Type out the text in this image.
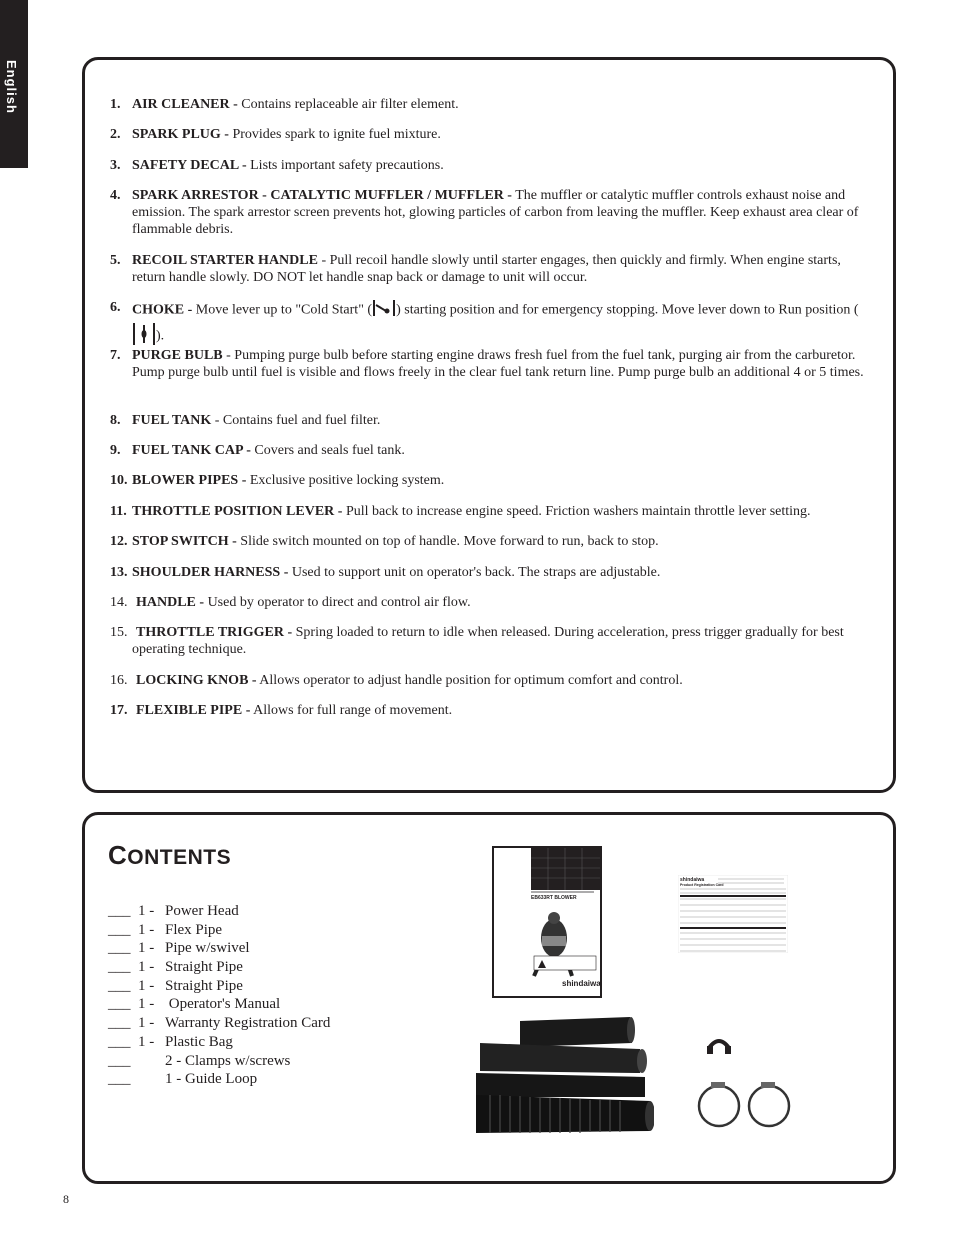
English	1. AIR CLEANER - Contains replaceable air filter element.
2. SPARK PLUG - Provides spark to ignite fuel mixture.
3. SAFETY DECAL - Lists important safety precautions.
4. SPARK ARRESTOR - CATALYTIC MUFFLER / MUFFLER - The muffler or catalytic muffler controls exhaust noise and emission. The spark arrestor screen prevents hot, glowing particles of carbon from leaving the muffler. Keep exhaust area clear of flammable debris.
5. RECOIL STARTER HANDLE - Pull recoil handle slowly until starter engages, then quickly and firmly. When engine starts, return handle slowly. DO NOT let handle snap back or damage to unit will occur.
6. CHOKE - Move lever up to "Cold Start" ( ) starting position and for emergency stopping. Move lever down to Run position ().
7. PURGE BULB - Pumping purge bulb before starting engine draws fresh fuel from the fuel tank, purging air from the carburetor. Pump purge bulb until fuel is visible and flows freely in the clear fuel tank return line. Pump purge bulb an additional 4 or 5 times.
8. FUEL TANK - Contains fuel and fuel filter.
9. FUEL TANK CAP - Covers and seals fuel tank.
10. BLOWER PIPES - Exclusive positive locking system.
11. THROTTLE POSITION LEVER - Pull back to increase engine speed. Friction washers maintain throttle lever setting.
12. STOP SWITCH - Slide switch mounted on top of handle. Move forward to run, back to stop.
13. SHOULDER HARNESS - Used to support unit on operator's back. The straps are adjustable.
14. HANDLE - Used by operator to direct and control air flow.
15. THROTTLE TRIGGER - Spring loaded to return to idle when released. During acceleration, press trigger gradually for best operating technique.
16. LOCKING KNOB - Allows operator to adjust handle position for optimum comfort and control.
17. FLEXIBLE PIPE - Allows for full range of movement.
CONTENTS
___ 1 - Power Head
___ 1 - Flex Pipe
___ 1 - Pipe w/swivel
___ 1 - Straight Pipe
___ 1 - Straight Pipe
___ 1 - Operator's Manual
___ 1 - Warranty Registration Card
___ 1 - Plastic Bag
___ 2 - Clamps w/screws
___ 1 - Guide Loop
EB633RT BLOWER
shindaiwa
shindaiwa
Product Registration Card
8
